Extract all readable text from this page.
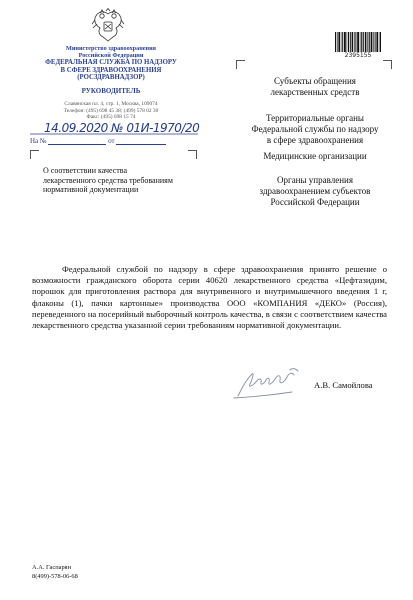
Министерство здравоохранения
Российской Федерации
ФЕДЕРАЛЬНАЯ СЛУЖБА ПО НАДЗОРУ
В СФЕРЕ ЗДРАВООХРАНЕНИЯ
(РОСЗДРАВНАДЗОР)
РУКОВОДИТЕЛЬ
Славянская пл. 4, стр. 1, Москва, 109074
Телефон: (495) 698 45 38; (499) 578 02 30
Факс: (495) 698 15 74
14.09.2020 № 01И-1970/20
На №	от
2395155
Субъекты обращения
лекарственных средств
Территориальные органы
Федеральной службы по надзору
в сфере здравоохранения
Медицинские организации
Органы управления
здравоохранением субъектов
Российской Федерации
О соответствии качества
лекарственного средства требованиям
нормативной документации

Федеральной службой по надзору в сфере здравоохранения принято решение о возможности гражданского оборота серии 40620 лекарственного средства «Цефтазидим, порошок для приготовления раствора для внутривенного и внутримышечного введения 1 г, флаконы (1), пачки картонные» производства ООО «КОМПАНИЯ «ДЕКО» (Россия), переведенного на посерийный выборочный контроль качества, в связи с соответствием качества лекарственного средства указанной серии требованиям нормативной документации.

А.В. Самойлова
А.А. Гаспарян
8(499)-578-06-68
